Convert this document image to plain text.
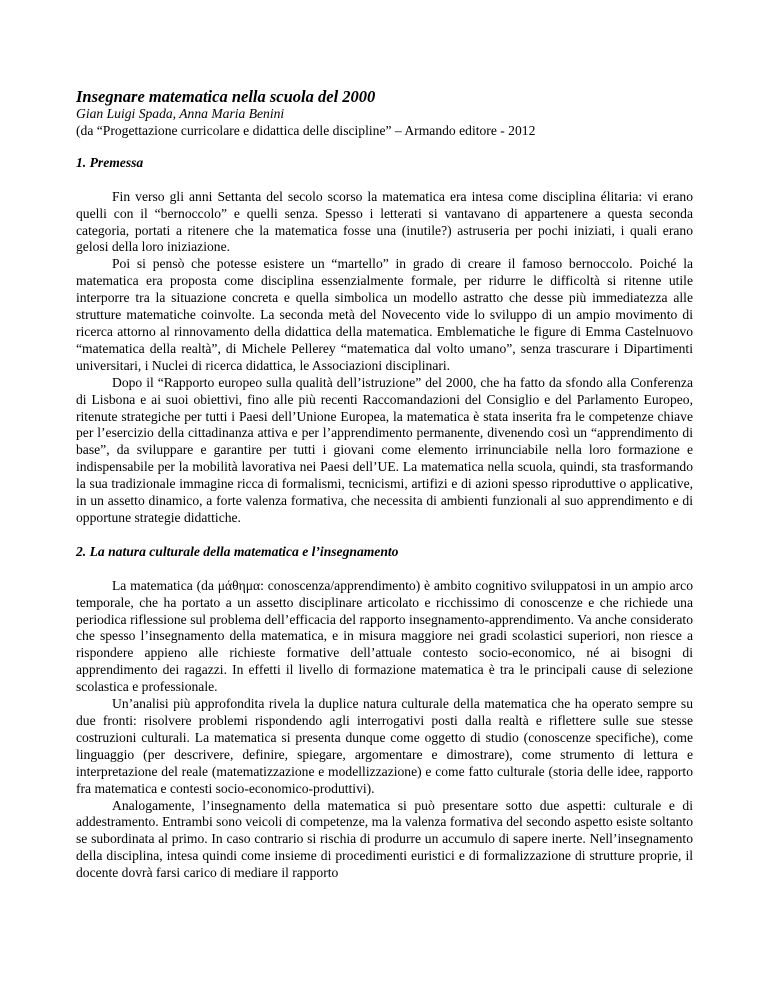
Insegnare matematica nella scuola del 2000

Gian Luigi Spada, Anna Maria Benini

(da “Progettazione curricolare e didattica delle discipline” – Armando editore - 2012

1. Premessa

Fin verso gli anni Settanta del secolo scorso la matematica era intesa come disciplina élitaria: vi erano quelli con il “bernoccolo” e quelli senza. Spesso i letterati si vantavano di appartenere a questa seconda categoria, portati a ritenere che la matematica fosse una (inutile?) astruseria per pochi iniziati, i quali erano gelosi della loro iniziazione.

Poi si pensò che potesse esistere un “martello” in grado di creare il famoso bernoccolo. Poiché la matematica era proposta come disciplina essenzialmente formale, per ridurre le difficoltà si ritenne utile interporre tra la situazione concreta e quella simbolica un modello astratto che desse più immediatezza alle strutture matematiche coinvolte. La seconda metà del Novecento vide lo sviluppo di un ampio movimento di ricerca attorno al rinnovamento della didattica della matematica. Emblematiche le figure di Emma Castelnuovo “matematica della realtà”, di Michele Pellerey “matematica dal volto umano”, senza trascurare i Dipartimenti universitari, i Nuclei di ricerca didattica, le Associazioni disciplinari.

Dopo il “Rapporto europeo sulla qualità dell’istruzione” del 2000, che ha fatto da sfondo alla Conferenza di Lisbona e ai suoi obiettivi, fino alle più recenti Raccomandazioni del Consiglio e del Parlamento Europeo, ritenute strategiche per tutti i Paesi dell’Unione Europea, la matematica è stata inserita fra le competenze chiave per l’esercizio della cittadinanza attiva e per l’apprendimento permanente, divenendo così un “apprendimento di base”, da sviluppare e garantire per tutti i giovani come elemento irrinunciabile nella loro formazione e indispensabile per la mobilità lavorativa nei Paesi dell’UE. La matematica nella scuola, quindi, sta trasformando la sua tradizionale immagine ricca di formalismi, tecnicismi, artifizi e di azioni spesso riproduttive o applicative, in un assetto dinamico, a forte valenza formativa, che necessita di ambienti funzionali al suo apprendimento e di opportune strategie didattiche.

2. La natura culturale della matematica e l’insegnamento

La matematica (da μάθημα: conoscenza/apprendimento) è ambito cognitivo sviluppatosi in un ampio arco temporale, che ha portato a un assetto disciplinare articolato e ricchissimo di conoscenze e che richiede una periodica riflessione sul problema dell’efficacia del rapporto insegnamento-apprendimento. Va anche considerato che spesso l’insegnamento della matematica, e in misura maggiore nei gradi scolastici superiori, non riesce a rispondere appieno alle richieste formative dell’attuale contesto socio-economico, né ai bisogni di apprendimento dei ragazzi. In effetti il livello di formazione matematica è tra le principali cause di selezione scolastica e professionale.

Un’analisi più approfondita rivela la duplice natura culturale della matematica che ha operato sempre su due fronti: risolvere problemi rispondendo agli interrogativi posti dalla realtà e riflettere sulle sue stesse costruzioni culturali. La matematica si presenta dunque come oggetto di studio (conoscenze specifiche), come linguaggio (per descrivere, definire, spiegare, argomentare e dimostrare), come strumento di lettura e interpretazione del reale (matematizzazione e modellizzazione) e come fatto culturale (storia delle idee, rapporto fra matematica e contesti socio-economico-produttivi).

Analogamente, l’insegnamento della matematica si può presentare sotto due aspetti: culturale e di addestramento. Entrambi sono veicoli di competenze, ma la valenza formativa del secondo aspetto esiste soltanto se subordinata al primo. In caso contrario si rischia di produrre un accumulo di sapere inerte. Nell’insegnamento della disciplina, intesa quindi come insieme di procedimenti euristici e di formalizzazione di strutture proprie, il docente dovrà farsi carico di mediare il rapporto
